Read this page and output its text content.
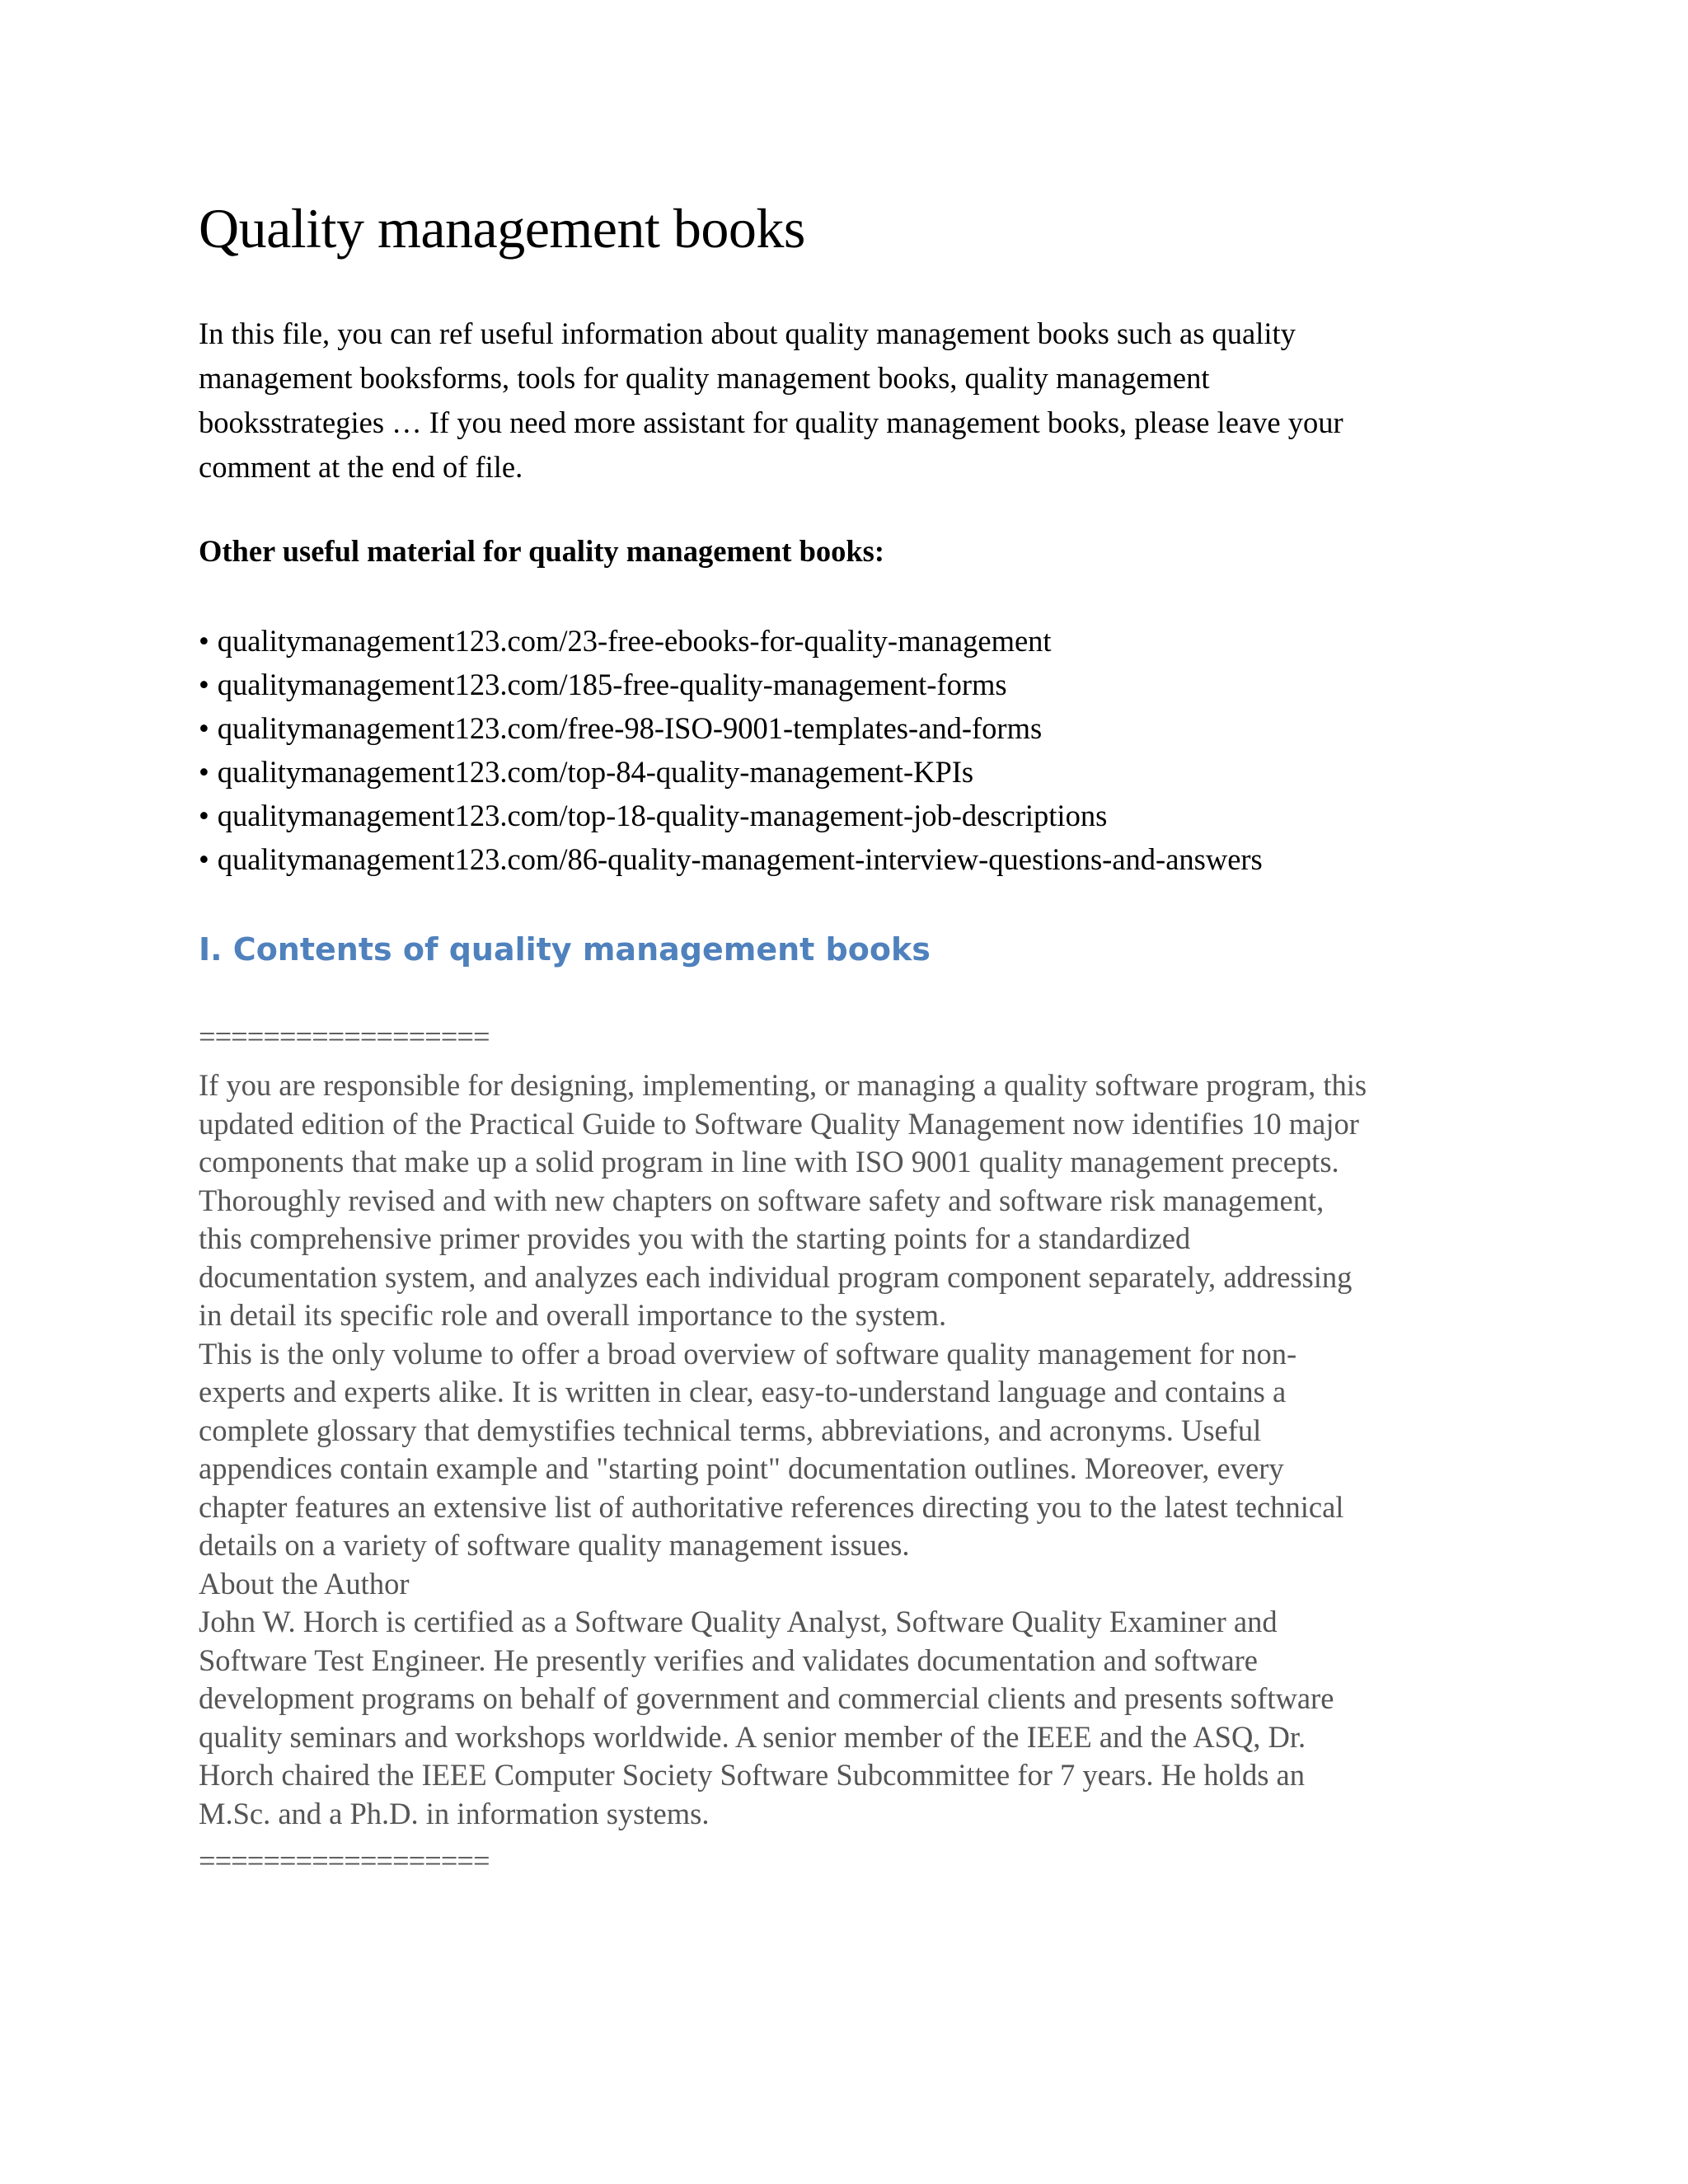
Quality management books
In this file, you can ref useful information about quality management books such as quality
management booksforms, tools for quality management books, quality management
booksstrategies … If you need more assistant for quality management books, please leave your
comment at the end of file.
Other useful material for quality management books:
• qualitymanagement123.com/23-free-ebooks-for-quality-management
• qualitymanagement123.com/185-free-quality-management-forms
• qualitymanagement123.com/free-98-ISO-9001-templates-and-forms
• qualitymanagement123.com/top-84-quality-management-KPIs
• qualitymanagement123.com/top-18-quality-management-job-descriptions
• qualitymanagement123.com/86-quality-management-interview-questions-and-answers
I. Contents of quality management books
==================
If you are responsible for designing, implementing, or managing a quality software program, this
updated edition of the Practical Guide to Software Quality Management now identifies 10 major
components that make up a solid program in line with ISO 9001 quality management precepts.
Thoroughly revised and with new chapters on software safety and software risk management,
this comprehensive primer provides you with the starting points for a standardized
documentation system, and analyzes each individual program component separately, addressing
in detail its specific role and overall importance to the system.
This is the only volume to offer a broad overview of software quality management for non-
experts and experts alike. It is written in clear, easy-to-understand language and contains a
complete glossary that demystifies technical terms, abbreviations, and acronyms. Useful
appendices contain example and "starting point" documentation outlines. Moreover, every
chapter features an extensive list of authoritative references directing you to the latest technical
details on a variety of software quality management issues.
About the Author
John W. Horch is certified as a Software Quality Analyst, Software Quality Examiner and
Software Test Engineer. He presently verifies and validates documentation and software
development programs on behalf of government and commercial clients and presents software
quality seminars and workshops worldwide. A senior member of the IEEE and the ASQ, Dr.
Horch chaired the IEEE Computer Society Software Subcommittee for 7 years. He holds an
M.Sc. and a Ph.D. in information systems.
==================
